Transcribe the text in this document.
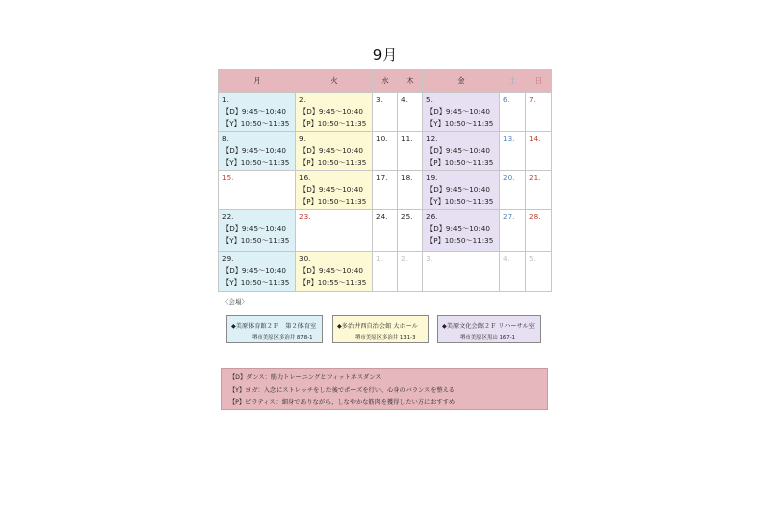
9月
月	火	水	木	金	土	日

1.
【D】9:45～10:40
【Y】10:50～11:35	2.
【D】9:45～10:40
【P】10:50～11:35	3.	4.	5.
【D】9:45～10:40
【Y】10:50～11:35	6.	7.

8.
【D】9:45～10:40
【Y】10:50～11:35	9.
【D】9:45～10:40
【P】10:50～11:35	10.	11.	12.
【D】9:45～10:40
【P】10:50～11:35	13.	14.

15.	16.
【D】9:45～10:40
【P】10:50～11:35	17.	18.	19.
【D】9:45～10:40
【Y】10:50～11:35	20.	21.

22.
【D】9:45～10:40
【Y】10:50～11:35	23.	24.	25.	26.
【D】9:45～10:40
【P】10:50～11:35	27.	28.

29.
【D】9:45～10:40
【Y】10:50～11:35	30.
【D】9:45～10:40
【P】10:55～11:35	1.	2.	3.	4.	5.
〈会場〉
◆美原体育館２Ｆ　第２体育室
堺市美原区多治井 878-1
◆多治井西自治会館 大ホール
堺市美原区多治井 131-3
◆美原文化会館２Ｆ リハーサル室
堺市美原区黒山 167-1
【D】ダンス：筋力トレーニングとフィットネスダンス
【Y】ヨガ：入念にストレッチをした後でポーズを行い、心身のバランスを整える
【P】ピラティス：細身でありながら、しなやかな筋肉を獲得したい方におすすめ
